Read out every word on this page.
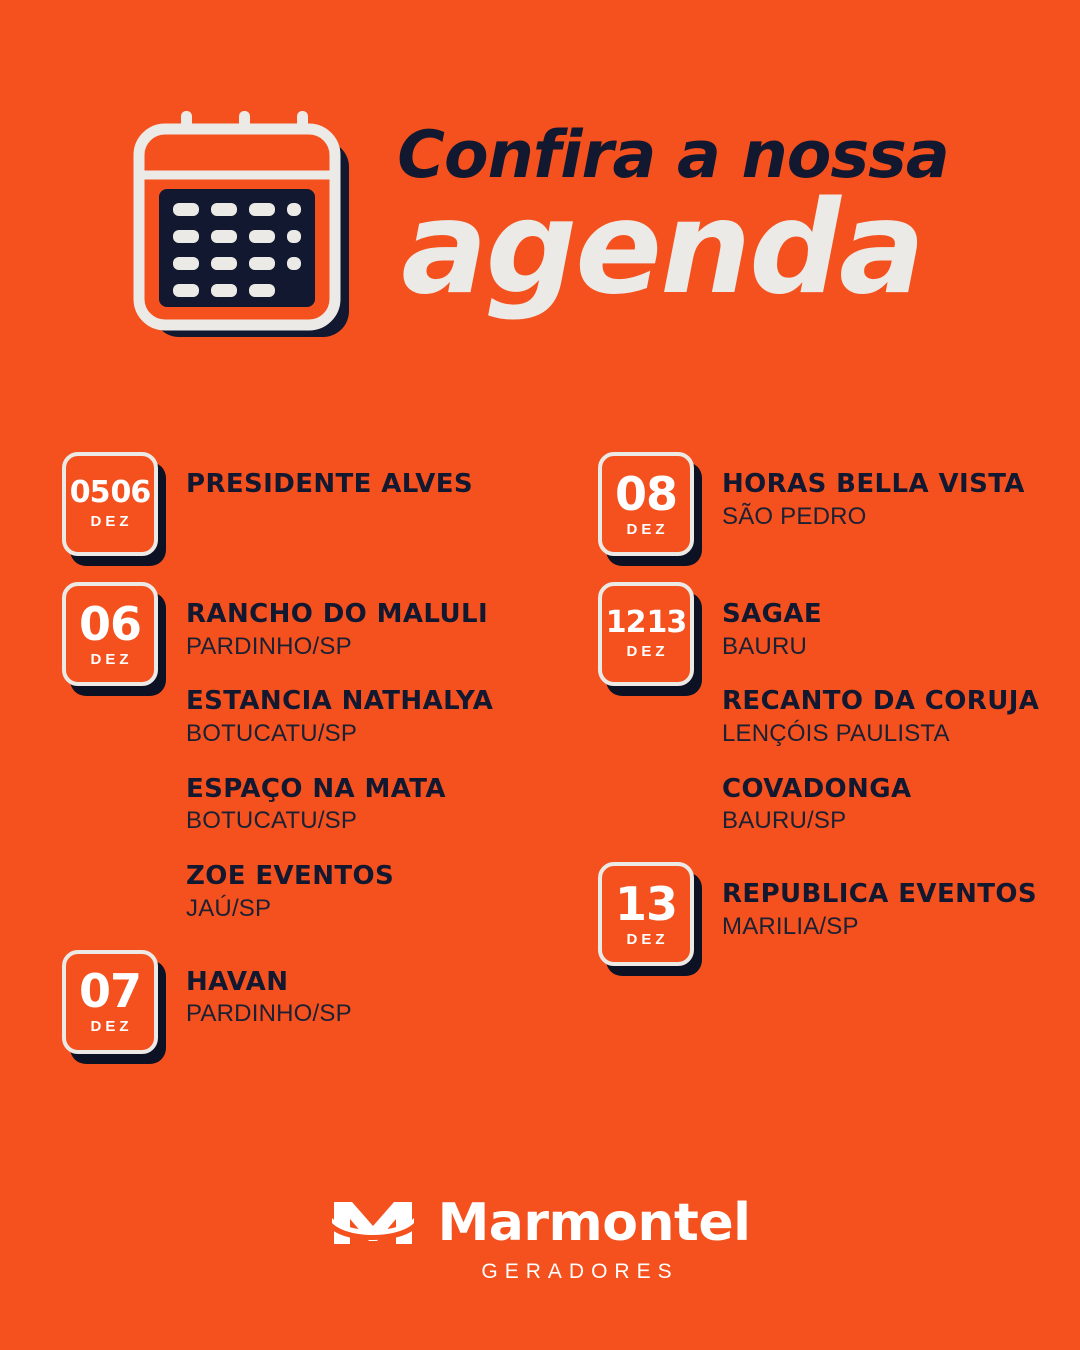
Confira a nossa
agenda
05 06
DEZ
PRESIDENTE ALVES
06
DEZ
RANCHO DO MALULI
PARDINHO/SP
ESTANCIA NATHALYA
BOTUCATU/SP
ESPAÇO NA MATA
BOTUCATU/SP
ZOE EVENTOS
JAÚ/SP
07
DEZ
HAVAN
PARDINHO/SP
08
DEZ
HORAS BELLA VISTA
SÃO PEDRO
12 13
DEZ
SAGAE
BAURU
RECANTO DA CORUJA
LENÇÓIS PAULISTA
COVADONGA
BAURU/SP
13
DEZ
REPUBLICA EVENTOS
MARILIA/SP
Marmontel
GERADORES
